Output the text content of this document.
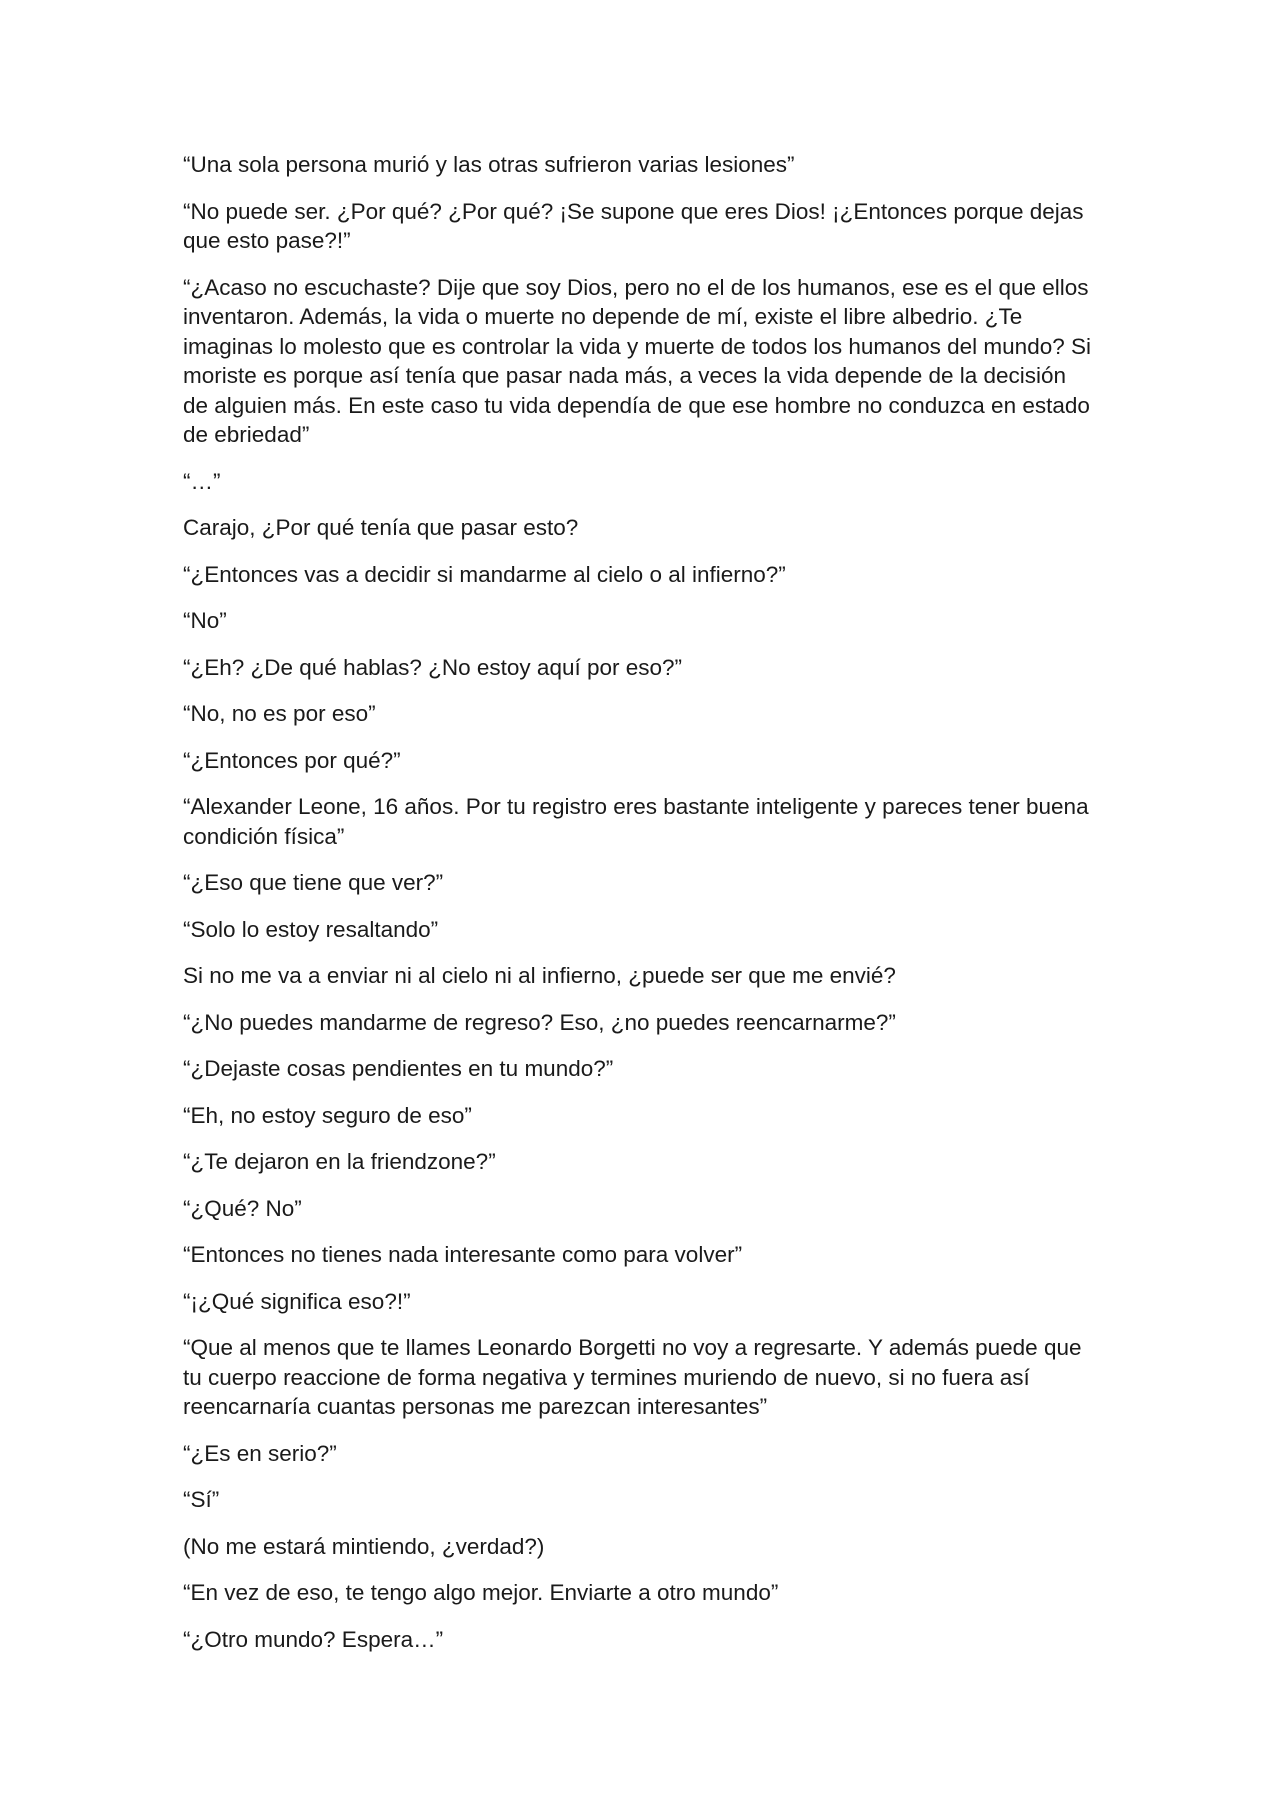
“Una sola persona murió y las otras sufrieron varias lesiones”

“No puede ser. ¿Por qué? ¿Por qué? ¡Se supone que eres Dios! ¡¿Entonces porque dejas que esto pase?!”

“¿Acaso no escuchaste? Dije que soy Dios, pero no el de los humanos, ese es el que ellos inventaron. Además, la vida o muerte no depende de mí, existe el libre albedrio. ¿Te imaginas lo molesto que es controlar la vida y muerte de todos los humanos del mundo? Si moriste es porque así tenía que pasar nada más, a veces la vida depende de la decisión de alguien más. En este caso tu vida dependía de que ese hombre no conduzca en estado de ebriedad”

“…”

Carajo, ¿Por qué tenía que pasar esto?

“¿Entonces vas a decidir si mandarme al cielo o al infierno?”

“No”

“¿Eh? ¿De qué hablas? ¿No estoy aquí por eso?”

“No, no es por eso”

“¿Entonces por qué?”

“Alexander Leone, 16 años. Por tu registro eres bastante inteligente y pareces tener buena condición física”

“¿Eso que tiene que ver?”

“Solo lo estoy resaltando”

Si no me va a enviar ni al cielo ni al infierno, ¿puede ser que me envié?

“¿No puedes mandarme de regreso? Eso, ¿no puedes reencarnarme?”

“¿Dejaste cosas pendientes en tu mundo?”

“Eh, no estoy seguro de eso”

“¿Te dejaron en la friendzone?”

“¿Qué? No”

“Entonces no tienes nada interesante como para volver”

“¡¿Qué significa eso?!”

“Que al menos que te llames Leonardo Borgetti no voy a regresarte. Y además puede que tu cuerpo reaccione de forma negativa y termines muriendo de nuevo, si no fuera así reencarnaría cuantas personas me parezcan interesantes”

“¿Es en serio?”

“Sí”

(No me estará mintiendo, ¿verdad?)

“En vez de eso, te tengo algo mejor. Enviarte a otro mundo”

“¿Otro mundo? Espera…”
